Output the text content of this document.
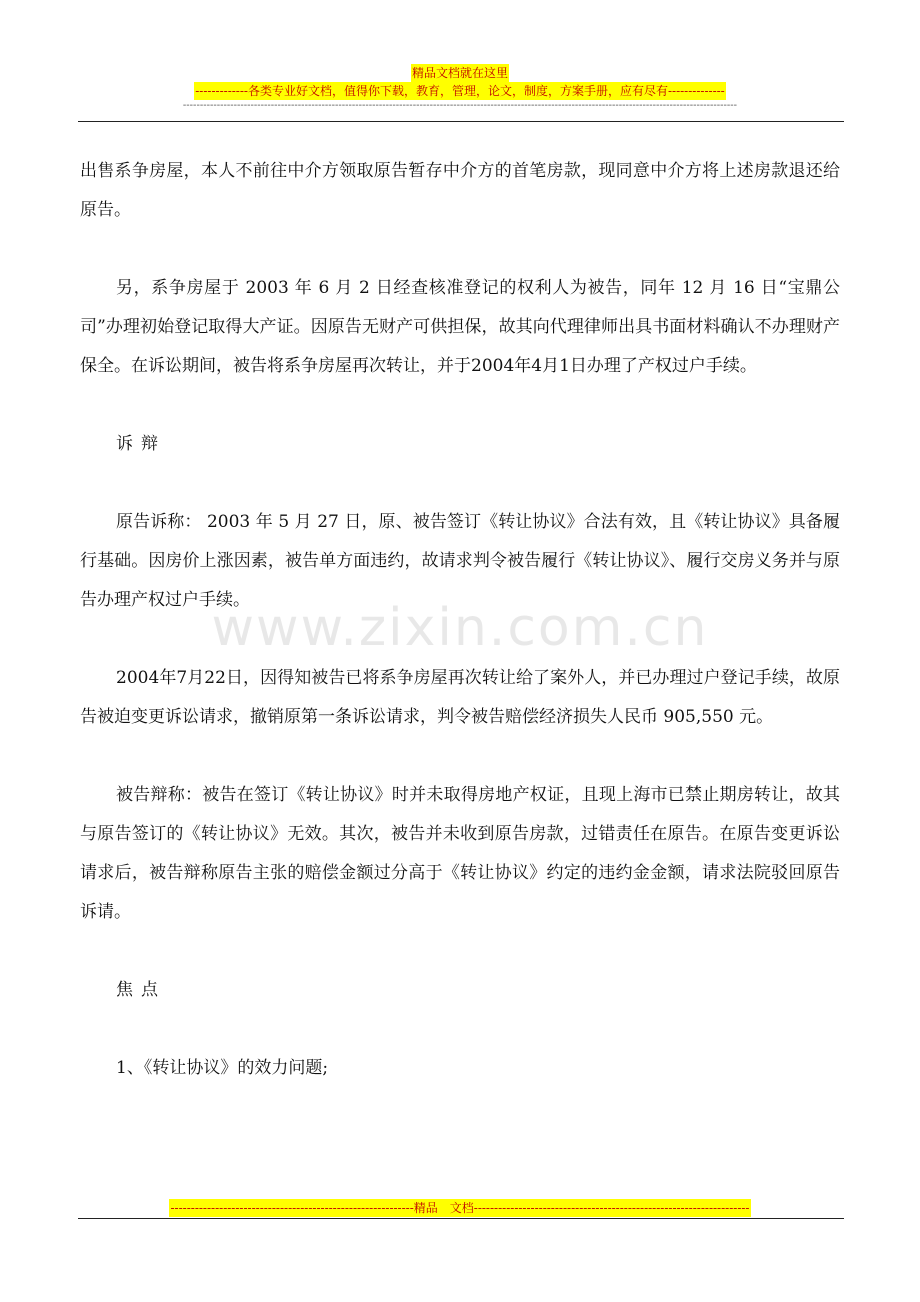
精品文档就在这里
-------------各类专业好文档，值得你下载，教育，管理，论文，制度，方案手册，应有尽有--------------
--------------------------------------------------------------------------------------------------------------------------------------------------------------------
www.zixin.com.cn

出售系争房屋，本人不前往中介方领取原告暂存中介方的首笔房款，现同意中介方将上述房款退还给原告。

另，系争房屋于 2003 年 6 月 2 日经查核准登记的权利人为被告，同年 12 月 16 日“宝鼎公司”办理初始登记取得大产证。因原告无财产可供担保，故其向代理律师出具书面材料确认不办理财产保全。在诉讼期间，被告将系争房屋再次转让，并于2004年4月1日办理了产权过户手续。

诉辩

原告诉称： 2003 年 5 月 27 日，原、被告签订《转让协议》合法有效，且《转让协议》具备履行基础。因房价上涨因素，被告单方面违约，故请求判令被告履行《转让协议》、履行交房义务并与原告办理产权过户手续。

2004年7月22日，因得知被告已将系争房屋再次转让给了案外人，并已办理过户登记手续，故原告被迫变更诉讼请求，撤销原第一条诉讼请求，判令被告赔偿经济损失人民币 905,550 元。

被告辩称：被告在签订《转让协议》时并未取得房地产权证，且现上海市已禁止期房转让，故其与原告签订的《转让协议》无效。其次，被告并未收到原告房款，过错责任在原告。在原告变更诉讼请求后，被告辩称原告主张的赔偿金额过分高于《转让协议》约定的违约金金额，请求法院驳回原告诉请。

焦点

1、《转让协议》的效力问题;

------------------------------------------------------------精品　文档--------------------------------------------------------------------
